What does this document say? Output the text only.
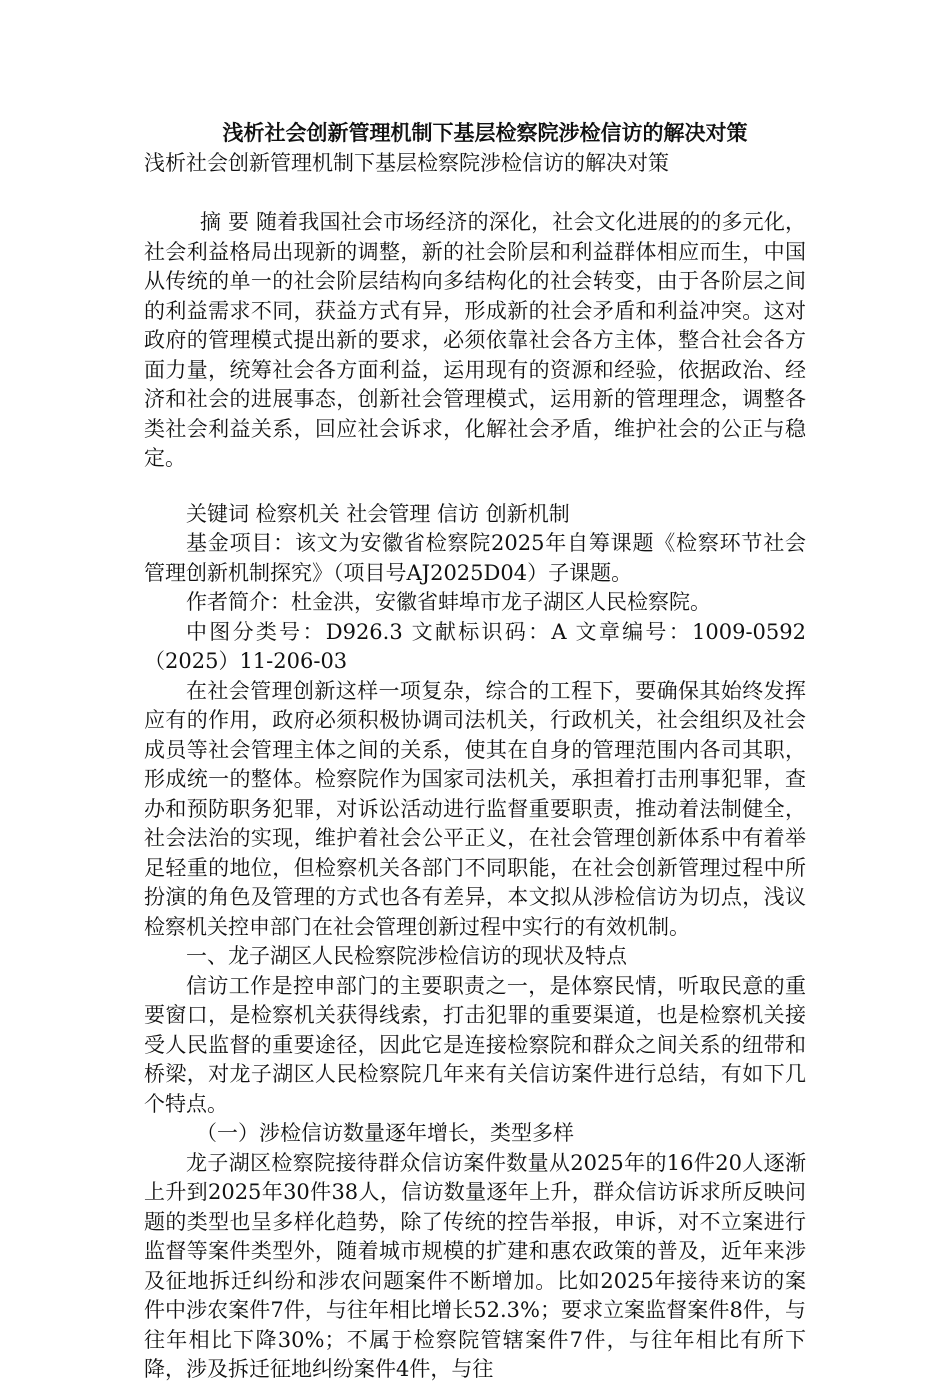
浅析社会创新管理机制下基层检察院涉检信访的解决对策
浅析社会创新管理机制下基层检察院涉检信访的解决对策

摘 要 随着我国社会市场经济的深化，社会文化进展的的多元化，社会利益格局出现新的调整，新的社会阶层和利益群体相应而生，中国从传统的单一的社会阶层结构向多结构化的社会转变，由于各阶层之间的利益需求不同，获益方式有异，形成新的社会矛盾和利益冲突。这对政府的管理模式提出新的要求，必须依靠社会各方主体，整合社会各方面力量，统筹社会各方面利益，运用现有的资源和经验，依据政治、经济和社会的进展事态，创新社会管理模式，运用新的管理理念，调整各类社会利益关系，回应社会诉求，化解社会矛盾，维护社会的公正与稳定。

关键词 检察机关 社会管理 信访 创新机制

基金项目：该文为安徽省检察院2025年自筹课题《检察环节社会管理创新机制探究》（项目号AJ2025D04）子课题。

作者简介：杜金洪，安徽省蚌埠市龙子湖区人民检察院。

中图分类号：D926.3 文献标识码：A 文章编号：1009-0592（2025）11-206-03

在社会管理创新这样一项复杂，综合的工程下，要确保其始终发挥应有的作用，政府必须积极协调司法机关，行政机关，社会组织及社会成员等社会管理主体之间的关系，使其在自身的管理范围内各司其职，形成统一的整体。检察院作为国家司法机关，承担着打击刑事犯罪，查办和预防职务犯罪，对诉讼活动进行监督重要职责，推动着法制健全，社会法治的实现，维护着社会公平正义，在社会管理创新体系中有着举足轻重的地位，但检察机关各部门不同职能，在社会创新管理过程中所扮演的角色及管理的方式也各有差异，本文拟从涉检信访为切点，浅议检察机关控申部门在社会管理创新过程中实行的有效机制。

一、龙子湖区人民检察院涉检信访的现状及特点

信访工作是控申部门的主要职责之一，是体察民情，听取民意的重要窗口，是检察机关获得线索，打击犯罪的重要渠道，也是检察机关接受人民监督的重要途径，因此它是连接检察院和群众之间关系的纽带和桥梁，对龙子湖区人民检察院几年来有关信访案件进行总结，有如下几个特点。

（一）涉检信访数量逐年增长，类型多样

龙子湖区检察院接待群众信访案件数量从2025年的16件20人逐渐上升到2025年30件38人，信访数量逐年上升，群众信访诉求所反映问题的类型也呈多样化趋势，除了传统的控告举报，申诉，对不立案进行监督等案件类型外，随着城市规模的扩建和惠农政策的普及，近年来涉及征地拆迁纠纷和涉农问题案件不断增加。比如2025年接待来访的案件中涉农案件7件，与往年相比增长52.3%；要求立案监督案件8件，与往年相比下降30%；不属于检察院管辖案件7件，与往年相比有所下降，涉及拆迁征地纠纷案件4件，与往
